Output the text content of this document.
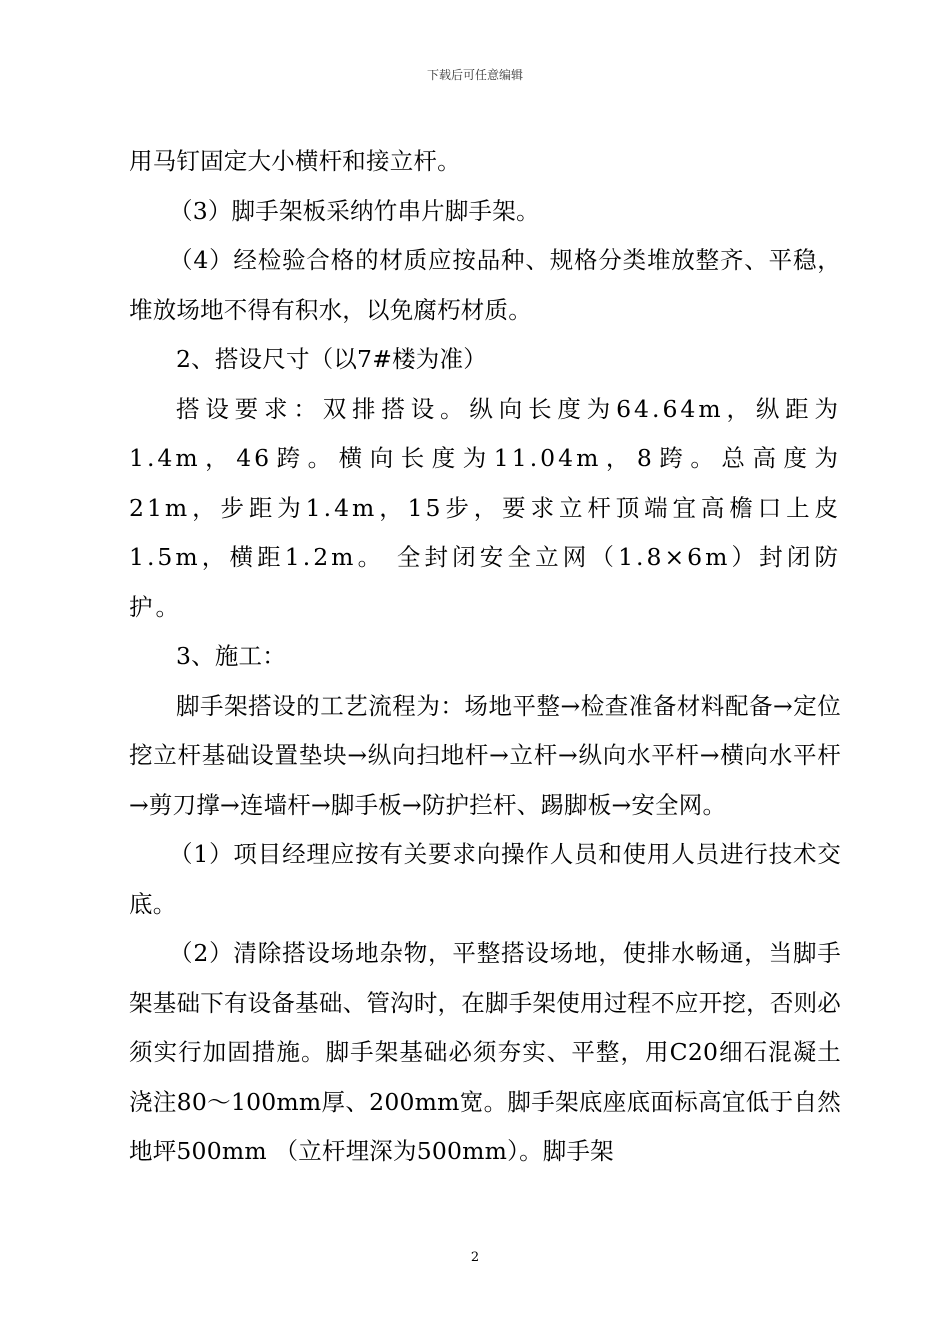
下载后可任意编辑

用马钉固定大小横杆和接立杆。

（3）脚手架板采纳竹串片脚手架。

（4）经检验合格的材质应按品种、规格分类堆放整齐、平稳，堆放场地不得有积水，以免腐朽材质。

2、搭设尺寸（以7#楼为准）

搭设要求：双排搭设。纵向长度为64.64m，纵距为1.4m，46跨。横向长度为11.04m，8跨。总高度为21m，步距为1.4m，15步，要求立杆顶端宜高檐口上皮1.5m，横距1.2m。 全封闭安全立网（1.8×6m）封闭防护。

3、施工：

脚手架搭设的工艺流程为：场地平整→检查准备材料配备→定位挖立杆基础设置垫块→纵向扫地杆→立杆→纵向水平杆→横向水平杆→剪刀撑→连墙杆→脚手板→防护拦杆、踢脚板→安全网。

（1）项目经理应按有关要求向操作人员和使用人员进行技术交底。

（2）清除搭设场地杂物，平整搭设场地，使排水畅通，当脚手架基础下有设备基础、管沟时，在脚手架使用过程不应开挖，否则必须实行加固措施。脚手架基础必须夯实、平整，用C20细石混凝土浇注80～100mm厚、200mm宽。脚手架底座底面标高宜低于自然地坪500mm （立杆埋深为500mm）。脚手架

2
